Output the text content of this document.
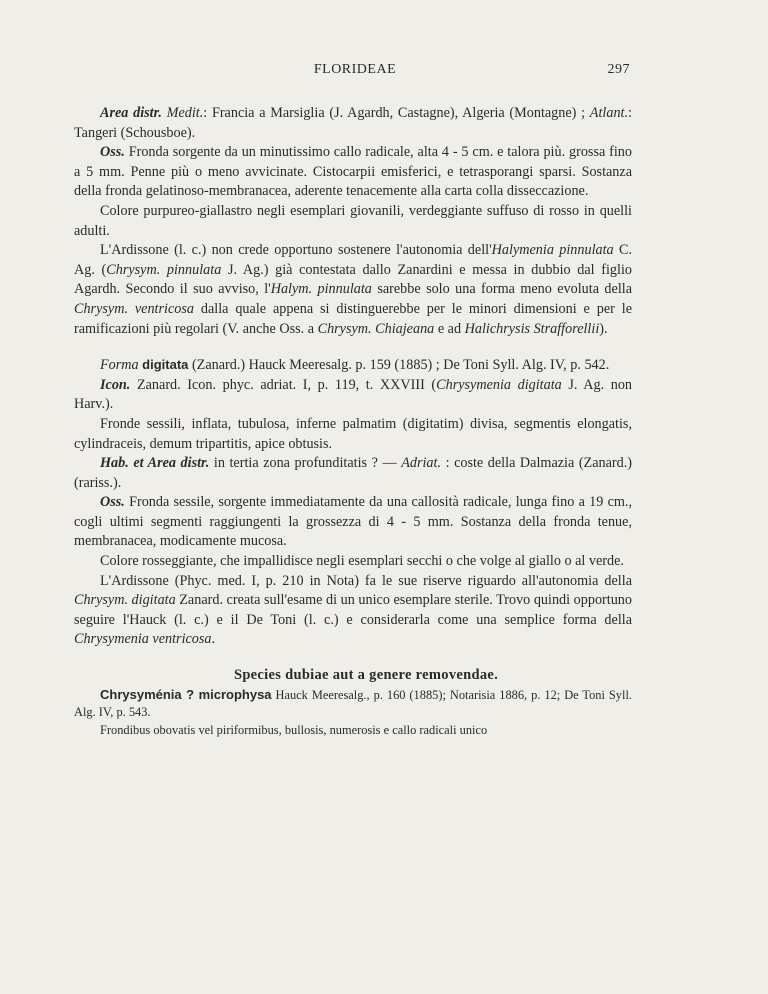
FLORIDEAE	297

Area distr. Medit.: Francia a Marsiglia (J. Agardh, Castagne), Algeria (Montagne) ; Atlant.: Tangeri (Schousboe).

Oss. Fronda sorgente da un minutissimo callo radicale, alta 4 - 5 cm. e talora più. grossa fino a 5 mm. Penne più o meno avvicinate. Cistocarpii emisferici, e tetrasporangi sparsi. Sostanza della fronda gelatinoso-membranacea, aderente tenacemente alla carta colla disseccazione.

Colore purpureo-giallastro negli esemplari giovanili, verdeggiante suffuso di rosso in quelli adulti.

L'Ardissone (l. c.) non crede opportuno sostenere l'autonomia dell'Halymenia pinnulata C. Ag. (Chrysym. pinnulata J. Ag.) già contestata dallo Zanardini e messa in dubbio dal figlio Agardh. Secondo il suo avviso, l'Halym. pinnulata sarebbe solo una forma meno evoluta della Chrysym. ventricosa dalla quale appena si distinguerebbe per le minori dimensioni e per le ramificazioni più regolari (V. anche Oss. a Chrysym. Chiajeana e ad Halichrysis Strafforellii).

Forma digitata (Zanard.) Hauck Meeresalg. p. 159 (1885) ; De Toni Syll. Alg. IV, p. 542.

Icon. Zanard. Icon. phyc. adriat. I, p. 119, t. XXVIII (Chrysymenia digitata J. Ag. non Harv.).

Fronde sessili, inflata, tubulosa, inferne palmatim (digitatim) divisa, segmentis elongatis, cylindraceis, demum tripartitis, apice obtusis.

Hab. et Area distr. in tertia zona profunditatis ? — Adriat. : coste della Dalmazia (Zanard.) (rariss.).

Oss. Fronda sessile, sorgente immediatamente da una callosità radicale, lunga fino a 19 cm., cogli ultimi segmenti raggiungenti la grossezza di 4 - 5 mm. Sostanza della fronda tenue, membranacea, modicamente mucosa.

Colore rosseggiante, che impallidisce negli esemplari secchi o che volge al giallo o al verde.

L'Ardissone (Phyc. med. I, p. 210 in Nota) fa le sue riserve riguardo all'autonomia della Chrysym. digitata Zanard. creata sull'esame di un unico esemplare sterile. Trovo quindi opportuno seguire l'Hauck (l. c.) e il De Toni (l. c.) e considerarla come una semplice forma della Chrysymenia ventricosa.

Species dubiae aut a genere removendae.

Chrysyménia ? microphysa Hauck Meeresalg., p. 160 (1885); Notarisia 1886, p. 12; De Toni Syll. Alg. IV, p. 543.

Frondibus obovatis vel piriformibus, bullosis, numerosis e callo radicali unico
